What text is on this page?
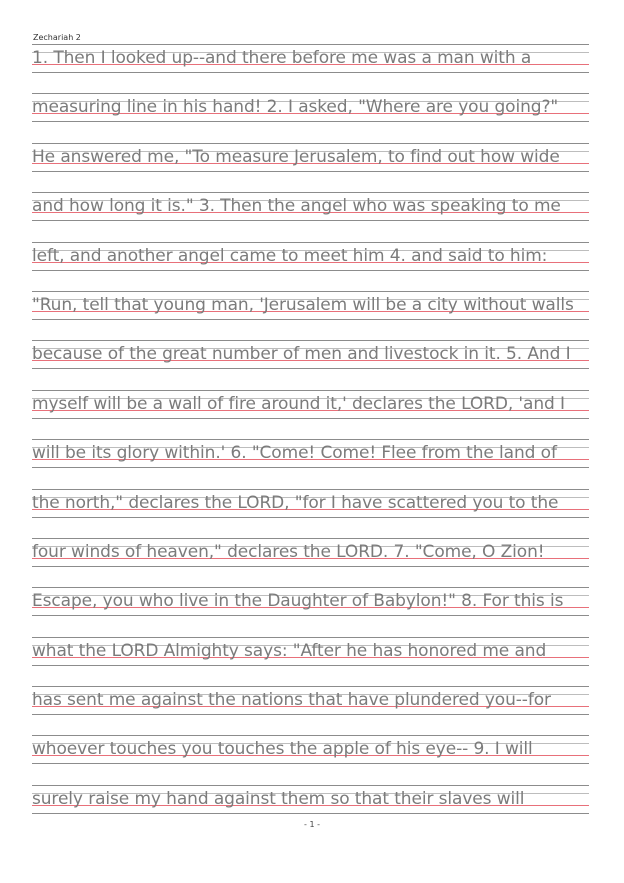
Zechariah 2
1. Then I looked up--and there before me was a man with a
measuring line in his hand! 2. I asked, "Where are you going?"
He answered me, "To measure Jerusalem, to find out how wide
and how long it is." 3. Then the angel who was speaking to me
left, and another angel came to meet him 4. and said to him:
"Run, tell that young man, 'Jerusalem will be a city without walls
because of the great number of men and livestock in it. 5. And I
myself will be a wall of fire around it,' declares the LORD, 'and I
will be its glory within.' 6. "Come! Come! Flee from the land of
the north," declares the LORD, "for I have scattered you to the
four winds of heaven," declares the LORD. 7. "Come, O Zion!
Escape, you who live in the Daughter of Babylon!" 8. For this is
what the LORD Almighty says: "After he has honored me and
has sent me against the nations that have plundered you--for
whoever touches you touches the apple of his eye-- 9. I will
surely raise my hand against them so that their slaves will
- 1 -
